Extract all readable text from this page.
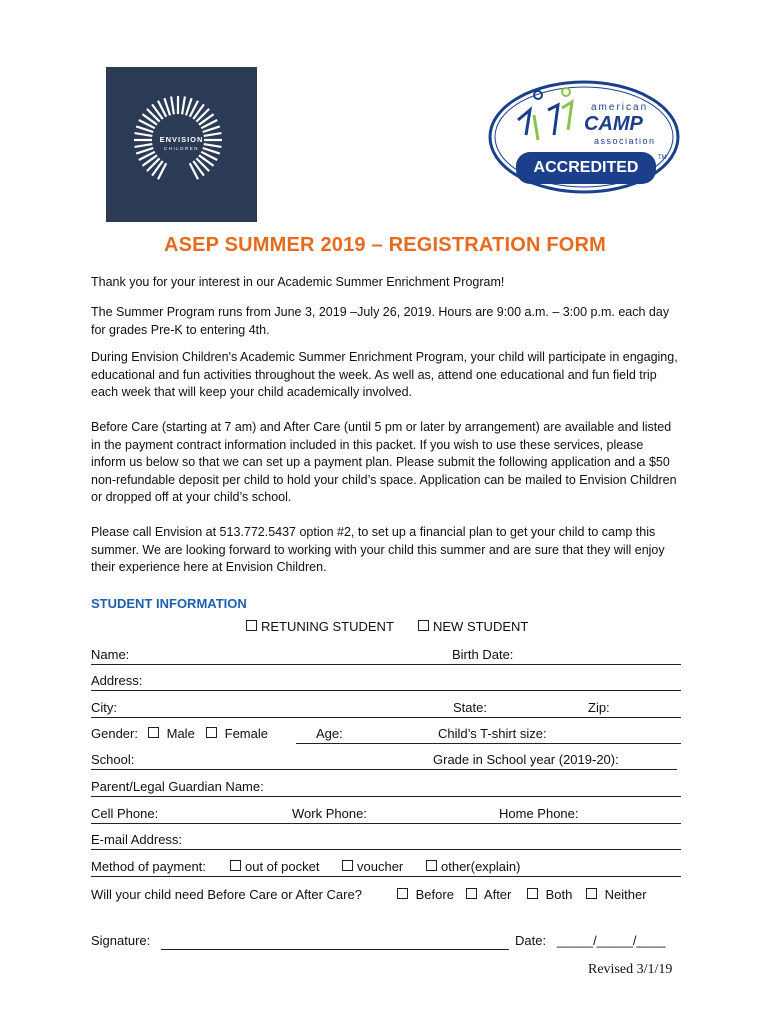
ENVISION
CHILDREN
american
CAMP
association
ACCREDITED
TM
ASEP SUMMER 2019 – REGISTRATION FORM

Thank you for your interest in our Academic Summer Enrichment Program!

The Summer Program runs from June 3, 2019 –July 26, 2019. Hours are 9:00 a.m. – 3:00 p.m. each day for grades Pre-K to entering 4th.

During Envision Children's Academic Summer Enrichment Program, your child will participate in engaging, educational and fun activities throughout the week. As well as, attend one educational and fun field trip each week that will keep your child academically involved.

Before Care (starting at 7 am) and After Care (until 5 pm or later by arrangement) are available and listed in the payment contract information included in this packet. If you wish to use these services, please inform us below so that we can set up a payment plan. Please submit the following application and a $50 non-refundable deposit per child to hold your child’s space. Application can be mailed to Envision Children or dropped off at your child’s school.

Please call Envision at 513.772.5437 option #2, to set up a financial plan to get your child to camp this summer. We are looking forward to working with your child this summer and are sure that they will enjoy their experience here at Envision Children.

STUDENT INFORMATION
RETUNING STUDENT	NEW STUDENT
Name:	Birth Date:
Address:
City:	State:	Zip:
Gender:	Male	Female	Age:	Child’s T-shirt size:
School:	Grade in School year (2019-20):
Parent/Legal Guardian Name:
Cell Phone:	Work Phone:	Home Phone:
E-mail Address:
Method of payment:	out of pocket	voucher	other(explain)
Will your child need Before Care or After Care?	Before	After	Both	Neither
Signature:	Date: _____/_____/____
Revised 3/1/19
